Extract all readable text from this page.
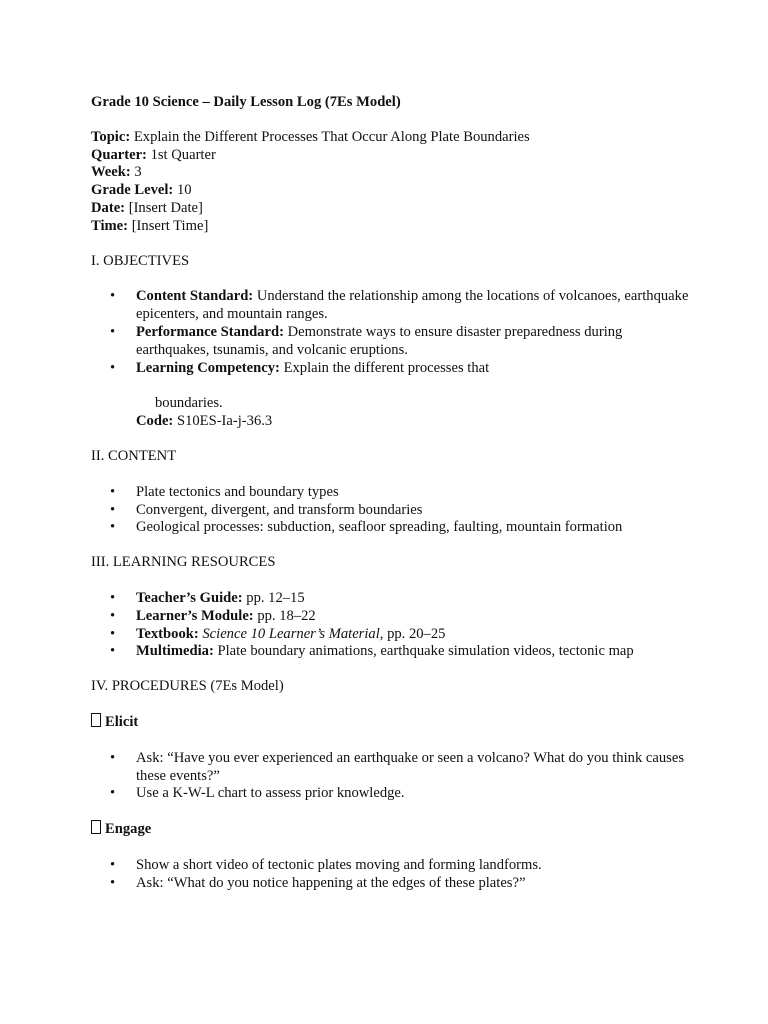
Grade 10 Science – Daily Lesson Log (7Es Model)
Topic: Explain the Different Processes That Occur Along Plate Boundaries
Quarter: 1st Quarter
Week: 3
Grade Level: 10
Date: [Insert Date]
Time: [Insert Time]
I. OBJECTIVES
• Content Standard: Understand the relationship among the locations of volcanoes, earthquake epicenters, and mountain ranges.
• Performance Standard: Demonstrate ways to ensure disaster preparedness during earthquakes, tsunamis, and volcanic eruptions.
• Learning Competency: Explain the different processes that
boundaries.
Code: S10ES-Ia-j-36.3
II. CONTENT
• Plate tectonics and boundary types
• Convergent, divergent, and transform boundaries
• Geological processes: subduction, seafloor spreading, faulting, mountain formation
III. LEARNING RESOURCES
• Teacher’s Guide: pp. 12–15
• Learner’s Module: pp. 18–22
• Textbook: Science 10 Learner’s Material, pp. 20–25
• Multimedia: Plate boundary animations, earthquake simulation videos, tectonic map
IV. PROCEDURES (7Es Model)
Elicit
• Ask: “Have you ever experienced an earthquake or seen a volcano? What do you think causes these events?”
• Use a K-W-L chart to assess prior knowledge.
Engage
• Show a short video of tectonic plates moving and forming landforms.
• Ask: “What do you notice happening at the edges of these plates?”
